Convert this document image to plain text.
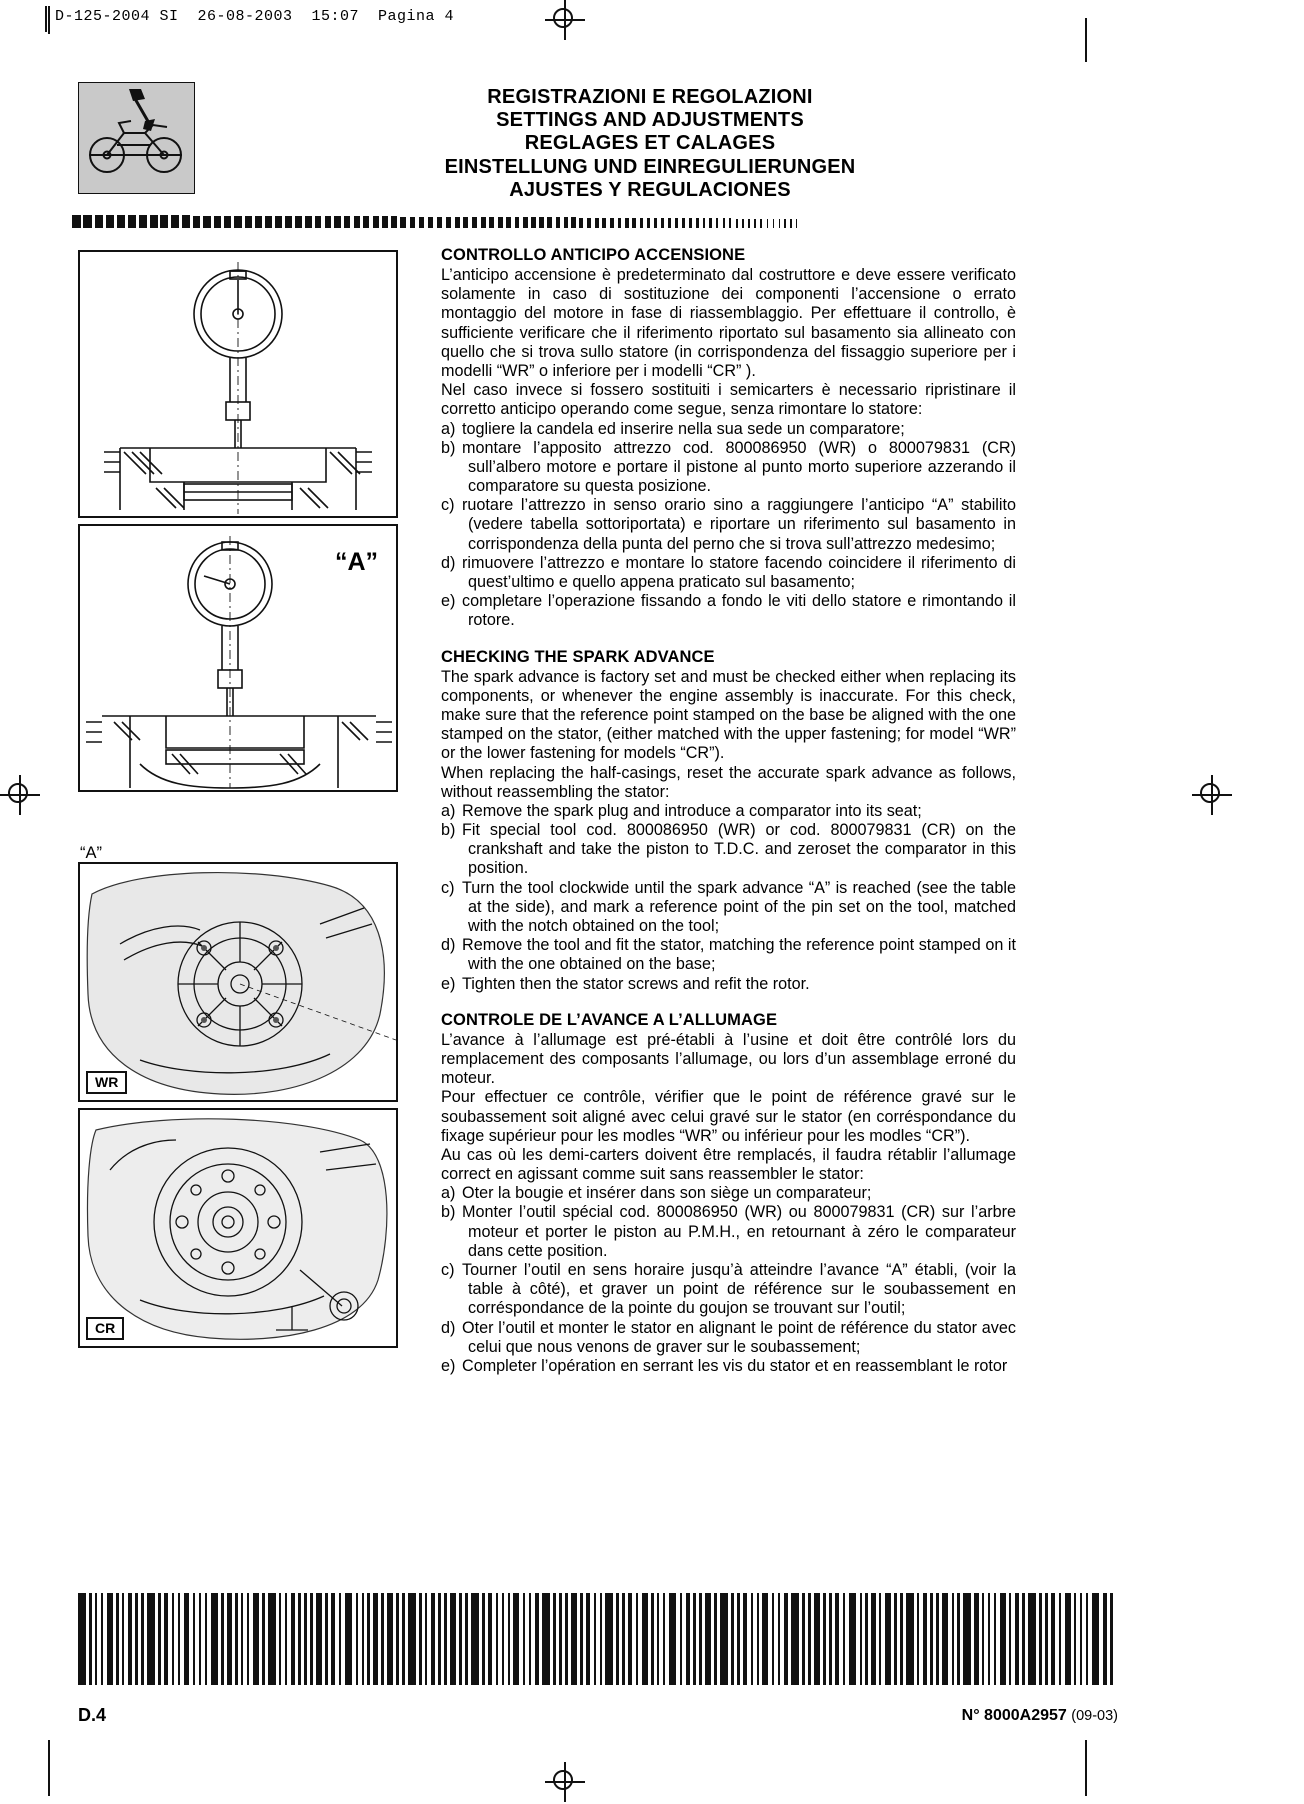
D-125-2004 SI  26-08-2003  15:07  Pagina 4
REGISTRAZIONI E REGOLAZIONI
SETTINGS AND ADJUSTMENTS
REGLAGES ET CALAGES
EINSTELLUNG UND EINREGULIERUNGEN
AJUSTES Y REGULACIONES
“A”

“A”

WR
CR
CONTROLLO ANTICIPO ACCENSIONE

L’anticipo accensione è predeterminato dal costruttore e deve essere verificato solamente in caso di sostituzione dei componenti l’accensione o errato montaggio del motore in fase di riassemblaggio. Per effettuare il controllo, è sufficiente verificare che il riferimento riportato sul basamento sia allineato con quello che si trova sullo statore (in corrispondenza del fissaggio superiore per i modelli “WR” o inferiore per i modelli “CR” ).

Nel caso invece si fossero sostituiti i semicarters è necessario ripristinare il corretto anticipo operando come segue, senza rimontare lo statore:

a) togliere la candela ed inserire nella sua sede un comparatore;

b) montare l’apposito attrezzo cod. 800086950 (WR) o 800079831 (CR) sull’albero motore e portare il pistone al punto morto superiore azzerando il comparatore su questa posizione.

c) ruotare l’attrezzo in senso orario sino a raggiungere l’anticipo “A” stabilito (vedere tabella sottoriportata) e riportare un riferimento sul basamento in corrispondenza della punta del perno che si trova sull’attrezzo medesimo;

d) rimuovere l’attrezzo e montare lo statore facendo coincidere il riferimento di quest’ultimo e quello appena praticato sul basamento;

e) completare l’operazione fissando a fondo le viti dello statore e rimontando il rotore.

CHECKING THE SPARK ADVANCE

The spark advance is factory set and must be checked either when replacing its components, or whenever the engine assembly is inaccurate. For this check, make sure that the reference point stamped on the base be aligned with the one stamped on the stator, (either matched with the upper fastening; for model “WR” or the lower fastening for models “CR”).

When replacing the half-casings, reset the accurate spark advance as follows, without reassembling the stator:

a) Remove the spark plug and introduce a comparator into its seat;

b) Fit special tool cod. 800086950 (WR) or cod. 800079831 (CR) on the crankshaft and take the piston to T.D.C. and zeroset the comparator in this position.

c) Turn the tool clockwide until the spark advance “A” is reached (see the table at the side), and mark a reference point of the pin set on the tool, matched with the notch obtained on the tool;

d) Remove the tool and fit the stator, matching the reference point stamped on it with the one obtained on the base;

e) Tighten then the stator screws and refit the rotor.

CONTROLE DE L’AVANCE A L’ALLUMAGE

L’avance à l’allumage est pré-établi à l’usine et doit être contrôlé lors du remplacement des composants l’allumage, ou lors d’un assemblage erroné du moteur.

Pour effectuer ce contrôle, vérifier que le point de référence gravé sur le soubassement soit aligné avec celui gravé sur le stator (en corréspondance du fixage supérieur pour les modles “WR” ou inférieur pour les modles “CR”).

Au cas où les demi-carters doivent être remplacés, il faudra rétablir l’allumage correct en agissant comme suit sans reassembler le stator:

a) Oter la bougie et insérer dans son siège un comparateur;

b) Monter l’outil spécial cod. 800086950 (WR) ou 800079831 (CR) sur l’arbre moteur et porter le piston au P.M.H., en retournant à zéro le comparateur dans cette position.

c) Tourner l’outil en sens horaire jusqu’à atteindre l’avance “A” établi, (voir la table à côté), et graver un point de référence sur le soubassement en corréspondance de la pointe du goujon se trouvant sur l’outil;

d) Oter l’outil et monter le stator en alignant le point de référence du stator avec celui que nous venons de graver sur le soubassement;

e) Completer l’opération en serrant les vis du stator et en reassemblant le rotor

D.4	N° 8000A2957 (09-03)
